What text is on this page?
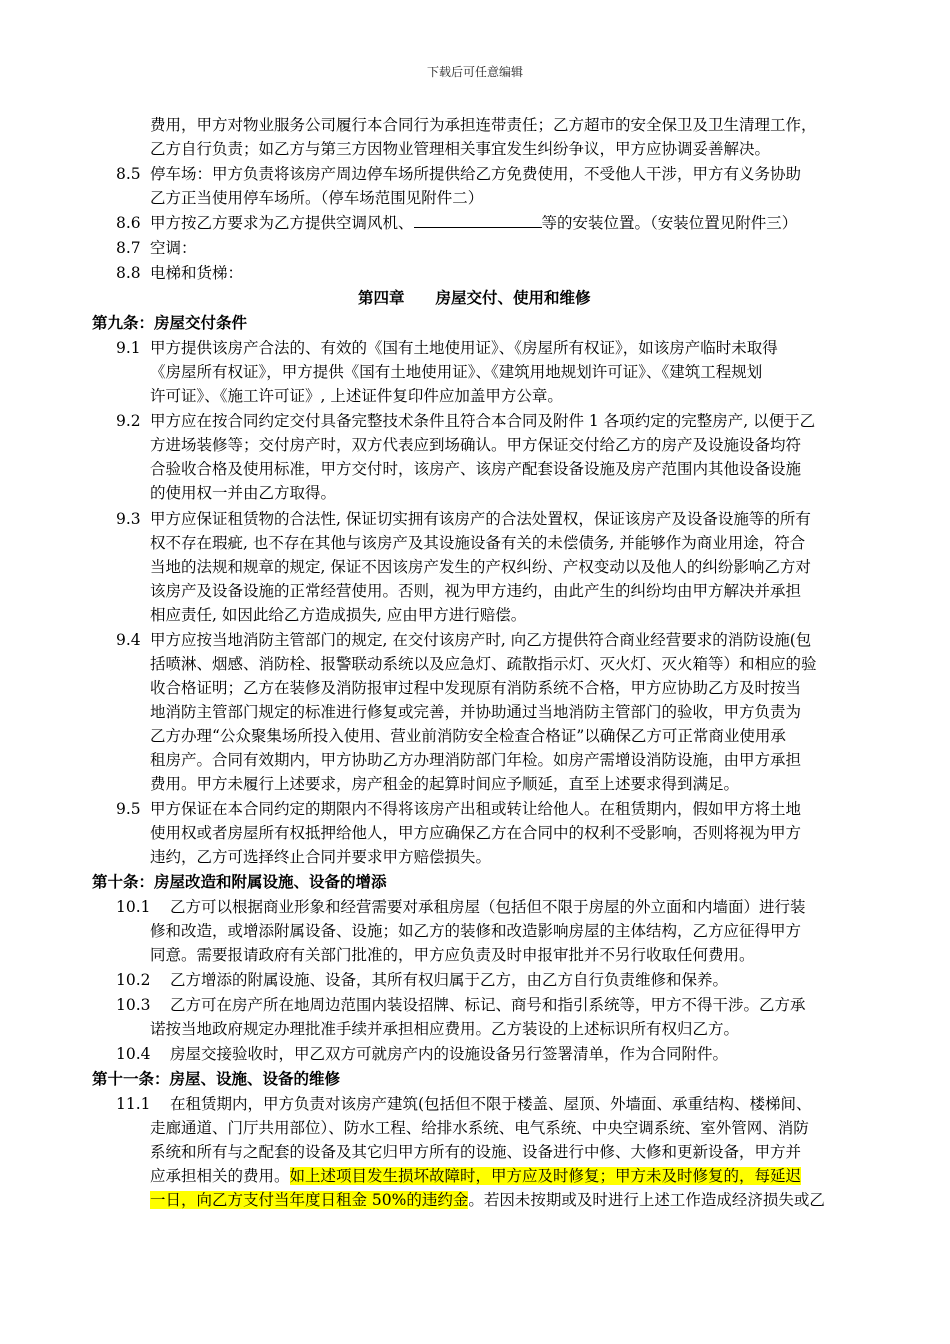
下载后可任意编辑
费用，甲方对物业服务公司履行本合同行为承担连带责任；乙方超市的安全保卫及卫生清理工作，
乙方自行负责；如乙方与第三方因物业管理相关事宜发生纠纷争议，甲方应协调妥善解决。
8.5 停车场：甲方负责将该房产周边停车场所提供给乙方免费使用，不受他人干涉，甲方有义务协助
乙方正当使用停车场所。（停车场范围见附件二）
8.6 甲方按乙方要求为乙方提供空调风机、	等的安装位置。（安装位置见附件三）
8.7 空调：
8.8 电梯和货梯：
第四章　　房屋交付、使用和维修
第九条：房屋交付条件
9.1 甲方提供该房产合法的、有效的《国有土地使用证》、《房屋所有权证》，如该房产临时未取得
《房屋所有权证》，甲方提供《国有土地使用证》、《建筑用地规划许可证》、《建筑工程规划
许可证》、《施工许可证》, 上述证件复印件应加盖甲方公章。
9.2 甲方应在按合同约定交付具备完整技术条件且符合本合同及附件 1 各项约定的完整房产, 以便于乙
方进场装修等；交付房产时，双方代表应到场确认。甲方保证交付给乙方的房产及设施设备均符
合验收合格及使用标准，甲方交付时，该房产、该房产配套设备设施及房产范围内其他设备设施
的使用权一并由乙方取得。
9.3 甲方应保证租赁物的合法性, 保证切实拥有该房产的合法处置权，保证该房产及设备设施等的所有
权不存在瑕疵, 也不存在其他与该房产及其设施设备有关的未偿债务, 并能够作为商业用途，符合
当地的法规和规章的规定, 保证不因该房产发生的产权纠纷、产权变动以及他人的纠纷影响乙方对
该房产及设备设施的正常经营使用。否则，视为甲方违约，由此产生的纠纷均由甲方解决并承担
相应责任, 如因此给乙方造成损失, 应由甲方进行赔偿。
9.4 甲方应按当地消防主管部门的规定, 在交付该房产时, 向乙方提供符合商业经营要求的消防设施(包
括喷淋、烟感、消防栓、报警联动系统以及应急灯、疏散指示灯、灭火灯、灭火箱等）和相应的验
收合格证明；乙方在装修及消防报审过程中发现原有消防系统不合格，甲方应协助乙方及时按当
地消防主管部门规定的标准进行修复或完善，并协助通过当地消防主管部门的验收，甲方负责为
乙方办理“公众聚集场所投入使用、营业前消防安全检查合格证”以确保乙方可正常商业使用承
租房产。合同有效期内，甲方协助乙方办理消防部门年检。如房产需增设消防设施，由甲方承担
费用。甲方未履行上述要求，房产租金的起算时间应予顺延，直至上述要求得到满足。
9.5 甲方保证在本合同约定的期限内不得将该房产出租或转让给他人。在租赁期内，假如甲方将土地
使用权或者房屋所有权抵押给他人，甲方应确保乙方在合同中的权利不受影响，否则将视为甲方
违约，乙方可选择终止合同并要求甲方赔偿损失。
第十条：房屋改造和附属设施、设备的增添
10.1 乙方可以根据商业形象和经营需要对承租房屋（包括但不限于房屋的外立面和内墙面）进行装
修和改造，或增添附属设备、设施；如乙方的装修和改造影响房屋的主体结构，乙方应征得甲方
同意。需要报请政府有关部门批准的，甲方应负责及时申报审批并不另行收取任何费用。
10.2 乙方增添的附属设施、设备，其所有权归属于乙方，由乙方自行负责维修和保养。
10.3 乙方可在房产所在地周边范围内装设招牌、标记、商号和指引系统等，甲方不得干涉。乙方承
诺按当地政府规定办理批准手续并承担相应费用。乙方装设的上述标识所有权归乙方。
10.4 房屋交接验收时，甲乙双方可就房产内的设施设备另行签署清单，作为合同附件。
第十一条：房屋、设施、设备的维修
11.1 在租赁期内，甲方负责对该房产建筑(包括但不限于楼盖、屋顶、外墙面、承重结构、楼梯间、
走廊通道、门厅共用部位）、防水工程、给排水系统、电气系统、中央空调系统、室外管网、消防
系统和所有与之配套的设备及其它归甲方所有的设施、设备进行中修、大修和更新设备，甲方并
应承担相关的费用。如上述项目发生损坏故障时，甲方应及时修复；甲方未及时修复的，每延迟
一日，向乙方支付当年度日租金 50%的违约金。若因未按期或及时进行上述工作造成经济损失或乙
